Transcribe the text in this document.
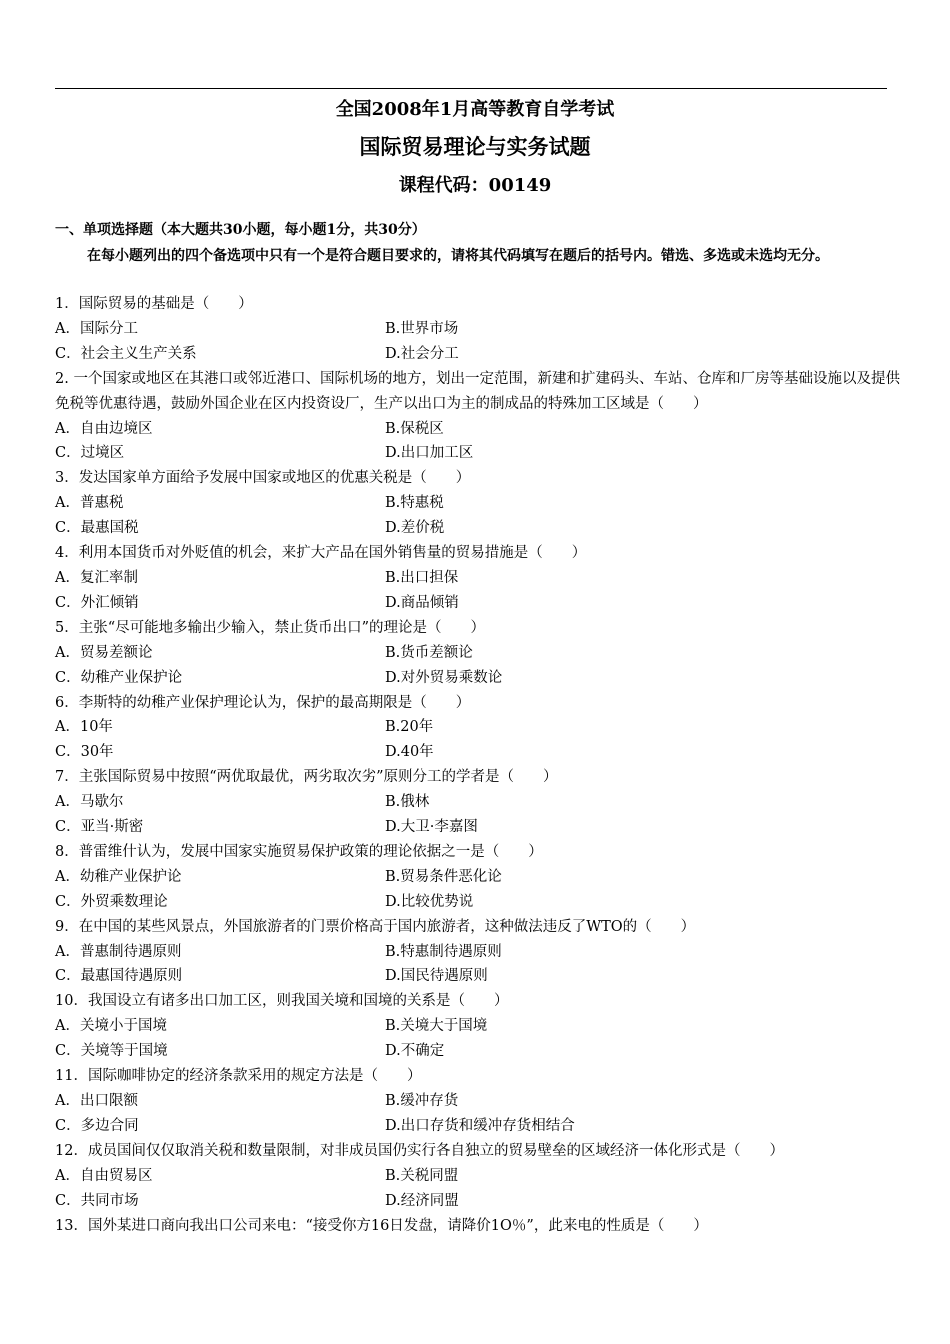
全国2008年1月高等教育自学考试
国际贸易理论与实务试题
课程代码：00149
一、单项选择题（本大题共30小题，每小题1分，共30分）
在每小题列出的四个备选项中只有一个是符合题目要求的，请将其代码填写在题后的括号内。错选、多选或未选均无分。

1．国际贸易的基础是（　　）

A．国际分工	B.世界市场
C．社会主义生产关系	D.社会分工

2. 一个国家或地区在其港口或邻近港口、国际机场的地方，划出一定范围，新建和扩建码头、车站、仓库和厂房等基础设施以及提供免税等优惠待遇，鼓励外国企业在区内投资设厂，生产以出口为主的制成品的特殊加工区域是（　　）

A．自由边境区	B.保税区
C．过境区	D.出口加工区

3．发达国家单方面给予发展中国家或地区的优惠关税是（　　）

A．普惠税	B.特惠税
C．最惠国税	D.差价税

4．利用本国货币对外贬值的机会，来扩大产品在国外销售量的贸易措施是（　　）

A．复汇率制	B.出口担保
C．外汇倾销	D.商品倾销

5．主张“尽可能地多输出少输入，禁止货币出口”的理论是（　　）

A．贸易差额论	B.货币差额论
C．幼稚产业保护论	D.对外贸易乘数论

6．李斯特的幼稚产业保护理论认为，保护的最高期限是（　　）

A．10年	B.20年
C．30年	D.40年

7．主张国际贸易中按照“两优取最优，两劣取次劣”原则分工的学者是（　　）

A．马歇尔	B.俄林
C．亚当·斯密	D.大卫·李嘉图

8．普雷维什认为，发展中国家实施贸易保护政策的理论依据之一是（　　）

A．幼稚产业保护论	B.贸易条件恶化论
C．外贸乘数理论	D.比较优势说

9．在中国的某些风景点，外国旅游者的门票价格高于国内旅游者，这种做法违反了WTO的（　　）

A．普惠制待遇原则	B.特惠制待遇原则
C．最惠国待遇原则	D.国民待遇原则

10．我国设立有诸多出口加工区，则我国关境和国境的关系是（　　）

A．关境小于国境	B.关境大于国境
C．关境等于国境	D.不确定

11．国际咖啡协定的经济条款采用的规定方法是（　　）

A．出口限额	B.缓冲存货
C．多边合同	D.出口存货和缓冲存货相结合

12．成员国间仅仅取消关税和数量限制，对非成员国仍实行各自独立的贸易壁垒的区域经济一体化形式是（　　）

A．自由贸易区	B.关税同盟
C．共同市场	D.经济同盟

13．国外某进口商向我出口公司来电：“接受你方16日发盘，请降价1O％”，此来电的性质是（　　）
